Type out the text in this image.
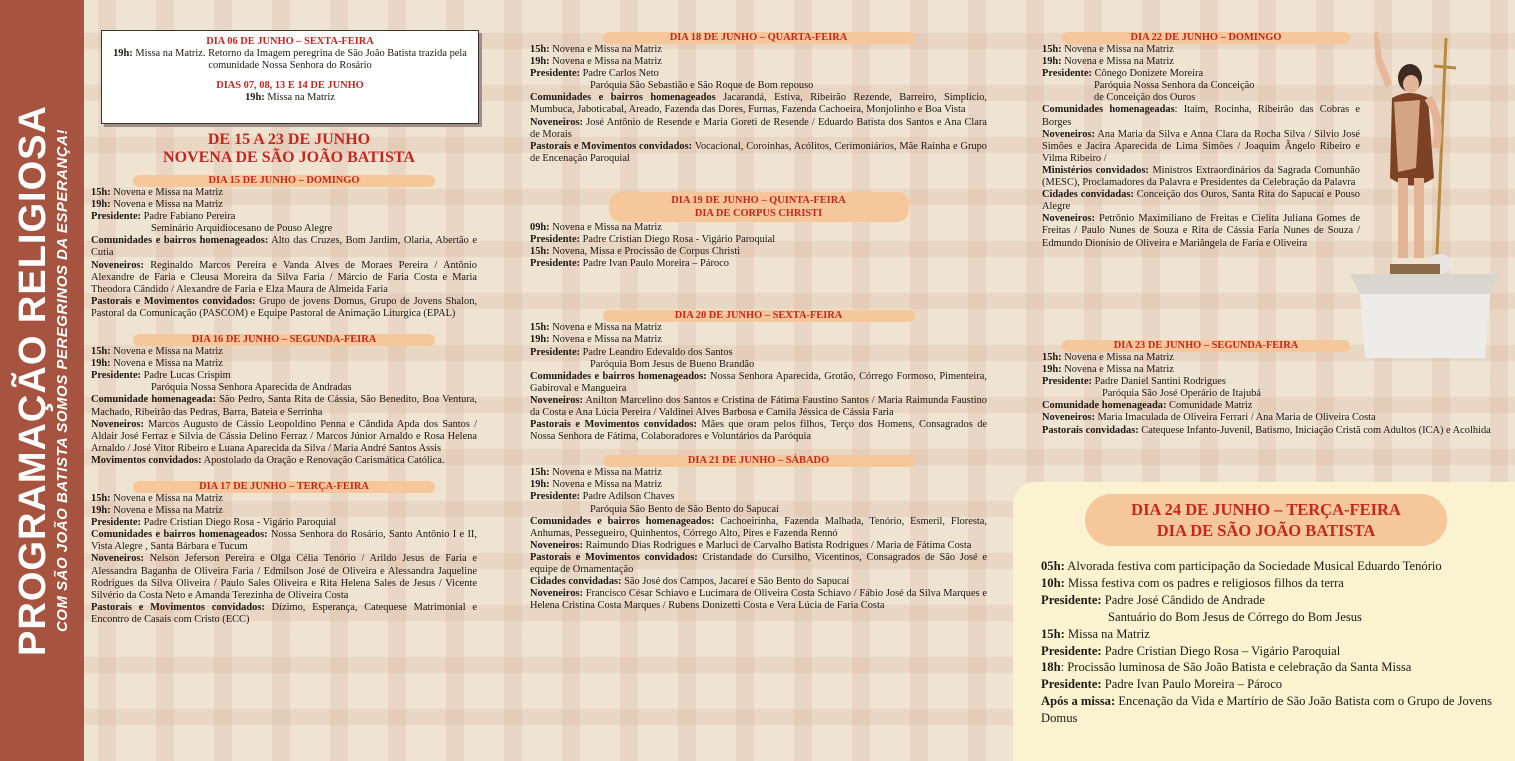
PROGRAMAÇÃO RELIGIOSA COM SÃO JOÃO BATISTA SOMOS PEREGRINOS DA ESPERANÇA!
DIA 06 DE JUNHO – SEXTA-FEIRA
19h: Missa na Matriz. Retorno da Imagem peregrina de São João Batista trazida pela comunidade Nossa Senhora do Rosário
DIAS 07, 08, 13 E 14 DE JUNHO
19h: Missa na Matriz
DE 15 A 23 DE JUNHO
NOVENA DE SÃO JOÃO BATISTA
DIA 15 DE JUNHO – DOMINGO

15h: Novena e Missa na Matriz

19h: Novena e Missa na Matriz

Presidente: Padre Fabiano Pereira

Seminário Arquidiocesano de Pouso Alegre

Comunidades e bairros homenageados: Alto das Cruzes, Bom Jardim, Olaria, Abertão e Cutia

Noveneiros: Reginaldo Marcos Pereira e Vanda Alves de Moraes Pereira / Antônio Alexandre de Faria e Cleusa Moreira da Silva Faria / Márcio de Faria Costa e Maria Theodora Cândido / Alexandre de Faria e Elza Maura de Almeida Faria

Pastorais e Movimentos convidados: Grupo de jovens Domus, Grupo de Jovens Shalon, Pastoral da Comunicação (PASCOM) e Equipe Pastoral de Animação Liturgica (EPAL)

DIA 16 DE JUNHO – SEGUNDA-FEIRA

15h: Novena e Missa na Matriz

19h: Novena e Missa na Matriz

Presidente: Padre Lucas Crispim

Paróquia Nossa Senhora Aparecida de Andradas

Comunidade homenageada: São Pedro, Santa Rita de Cássia, São Benedito, Boa Ventura, Machado, Ribeirão das Pedras, Barra, Bateia e Serrinha

Noveneiros: Marcos Augusto de Cássio Leopoldino Penna e Cândida Apda dos Santos / Aldair José Ferraz e Silvia de Cássia Delino Ferraz / Marcos Júnior Arnaldo e Rosa Helena Arnaldo / José Vitor Ribeiro e Luana Aparecida da Silva / Maria André Santos Assis

Movimentos convidados: Apostolado da Oração e Renovação Carismática Católica.

DIA 17 DE JUNHO – TERÇA-FEIRA

15h: Novena e Missa na Matriz

19h: Novena e Missa na Matriz

Presidente: Padre Cristian Diego Rosa - Vigário Paroquial

Comunidades e bairros homenageados: Nossa Senhora do Rosário, Santo Antônio I e II, Vista Alegre , Santa Bárbara e Tucum

Noveneiros: Nelson Jeferson Pereira e Olga Célia Tenório / Arildo Jesus de Faria e Alessandra Baganha de Oliveira Faria / Edmilson José de Oliveira e Alessandra Jaqueline Rodrigues da Silva Oliveira / Paulo Sales Oliveira e Rita Helena Sales de Jesus / Vicente Silvério da Costa Neto e Amanda Terezinha de Oliveira Costa

Pastorais e Movimentos convidados: Dízimo, Esperança, Catequese Matrimonial e Encontro de Casais com Cristo (ECC)

DIA 18 DE JUNHO – QUARTA-FEIRA

15h: Novena e Missa na Matriz

19h: Novena e Missa na Matriz

Presidente: Padre Carlos Neto

Paróquia São Sebastião e São Roque de Bom repouso

Comunidades e bairros homenageados Jacarandá, Estiva, Ribeirão Rezende, Barreiro, Simplício, Mumbuca, Jaboticabal, Areado, Fazenda das Dores, Furnas, Fazenda Cachoeira, Monjolinho e Boa Vista

Noveneiros: José Antônio de Resende e Maria Goreti de Resende / Eduardo Batista dos Santos e Ana Clara de Morais

Pastorais e Movimentos convidados: Vocacional, Coroinhas, Acólitos, Cerimoniários, Mãe Rainha e Grupo de Encenação Paroquial

DIA 19 DE JUNHO – QUINTA-FEIRA
DIA DE CORPUS CHRISTI

09h: Novena e Missa na Matriz

Presidente: Padre Cristian Diego Rosa - Vigário Paroquial

15h: Novena, Missa e Procissão de Corpus Christi

Presidente: Padre Ivan Paulo Moreira – Pároco

DIA 20 DE JUNHO – SEXTA-FEIRA

15h: Novena e Missa na Matriz

19h: Novena e Missa na Matriz

Presidente: Padre Leandro Edevaldo dos Santos

Paróquia Bom Jesus de Bueno Brandão

Comunidades e bairros homenageados: Nossa Senhora Aparecida, Grotão, Córrego Formoso, Pimenteira, Gabiroval e Mangueira

Noveneiros: Anilton Marcelino dos Santos e Cristina de Fátima Faustino Santos / Maria Raimunda Faustino da Costa e Ana Lúcia Pereira / Valdinei Alves Barbosa e Camila Jéssica de Cássia Faria

Pastorais e Movimentos convidados: Mães que oram pelos filhos, Terço dos Homens, Consagrados de Nossa Senhora de Fátima, Colaboradores e Voluntários da Paróquia

DIA 21 DE JUNHO – SÁBADO

15h: Novena e Missa na Matriz

19h: Novena e Missa na Matriz

Presidente: Padre Adilson Chaves

Paróquia São Bento de São Bento do Sapucaí

Comunidades e bairros homenageados: Cachoeirinha, Fazenda Malhada, Tenório, Esmeril, Floresta, Anhumas, Pessegueiro, Quinhentos, Córrego Alto, Pires e Fazenda Rennó

Noveneiros: Raimundo Dias Rodrigues e Marluci de Carvalho Batista Rodrigues / Maria de Fátima Costa

Pastorais e Movimentos convidados: Cristandade do Cursilho, Vicentinos, Consagrados de São José e equipe de Ornamentação

Cidades convidadas: São José dos Campos, Jacareí e São Bento do Sapucaí

Noveneiros: Francisco César Schiavo e Lucimara de Oliveira Costa Schiavo / Fábio José da Silva Marques e Helena Cristina Costa Marques / Rubens Donizetti Costa e Vera Lúcia de Faria Costa

DIA 22 DE JUNHO – DOMINGO

15h: Novena e Missa na Matriz

19h: Novena e Missa na Matriz

Presidente: Cônego Donizete Moreira

Paróquia Nossa Senhora da Conceição

de Conceição dos Ouros

Comunidades homenageadas: Itaim, Rocinha, Ribeirão das Cobras e Borges

Noveneiros: Ana Maria da Silva e Anna Clara da Rocha Silva / Silvio José Simões e Jacira Aparecida de Lima Simões / Joaquim Ângelo Ribeiro e Vilma Ribeiro /

Ministérios convidados: Ministros Extraordinários da Sagrada Comunhão (MESC), Proclamadores da Palavra e Presidentes da Celebração da Palavra

Cidades convidadas: Conceição dos Ouros, Santa Rita do Sapucaí e Pouso Alegre

Noveneiros: Petrônio Maximiliano de Freitas e Cielita Juliana Gomes de Freitas / Paulo Nunes de Souza e Rita de Cássia Faria Nunes de Souza / Edmundo Dionísio de Oliveira e Mariângela de Faria e Oliveira

DIA 23 DE JUNHO – SEGUNDA-FEIRA

15h: Novena e Missa na Matriz

19h: Novena e Missa na Matriz

Presidente: Padre Daniel Santini Rodrigues

Paróquia São José Operário de Itajubá

Comunidade homenageada: Comunidade Matriz

Noveneiros: Maria Imaculada de Oliveira Ferrari / Ana Maria de Oliveira Costa

Pastorais convidadas: Catequese Infanto-Juvenil, Batismo, Iniciação Cristã com Adultos (ICA) e Acolhida

DIA 24 DE JUNHO – TERÇA-FEIRA
DIA DE SÃO JOÃO BATISTA

05h: Alvorada festiva com participação da Sociedade Musical Eduardo Tenório

10h: Missa festiva com os padres e religiosos filhos da terra

Presidente: Padre José Cândido de Andrade

Santuário do Bom Jesus de Córrego do Bom Jesus

15h: Missa na Matriz

Presidente: Padre Cristian Diego Rosa – Vigário Paroquial

18h: Procissão luminosa de São João Batista e celebração da Santa Missa

Presidente: Padre Ivan Paulo Moreira – Pároco

Após a missa: Encenação da Vida e Martírio de São João Batista com o Grupo de Jovens Domus
